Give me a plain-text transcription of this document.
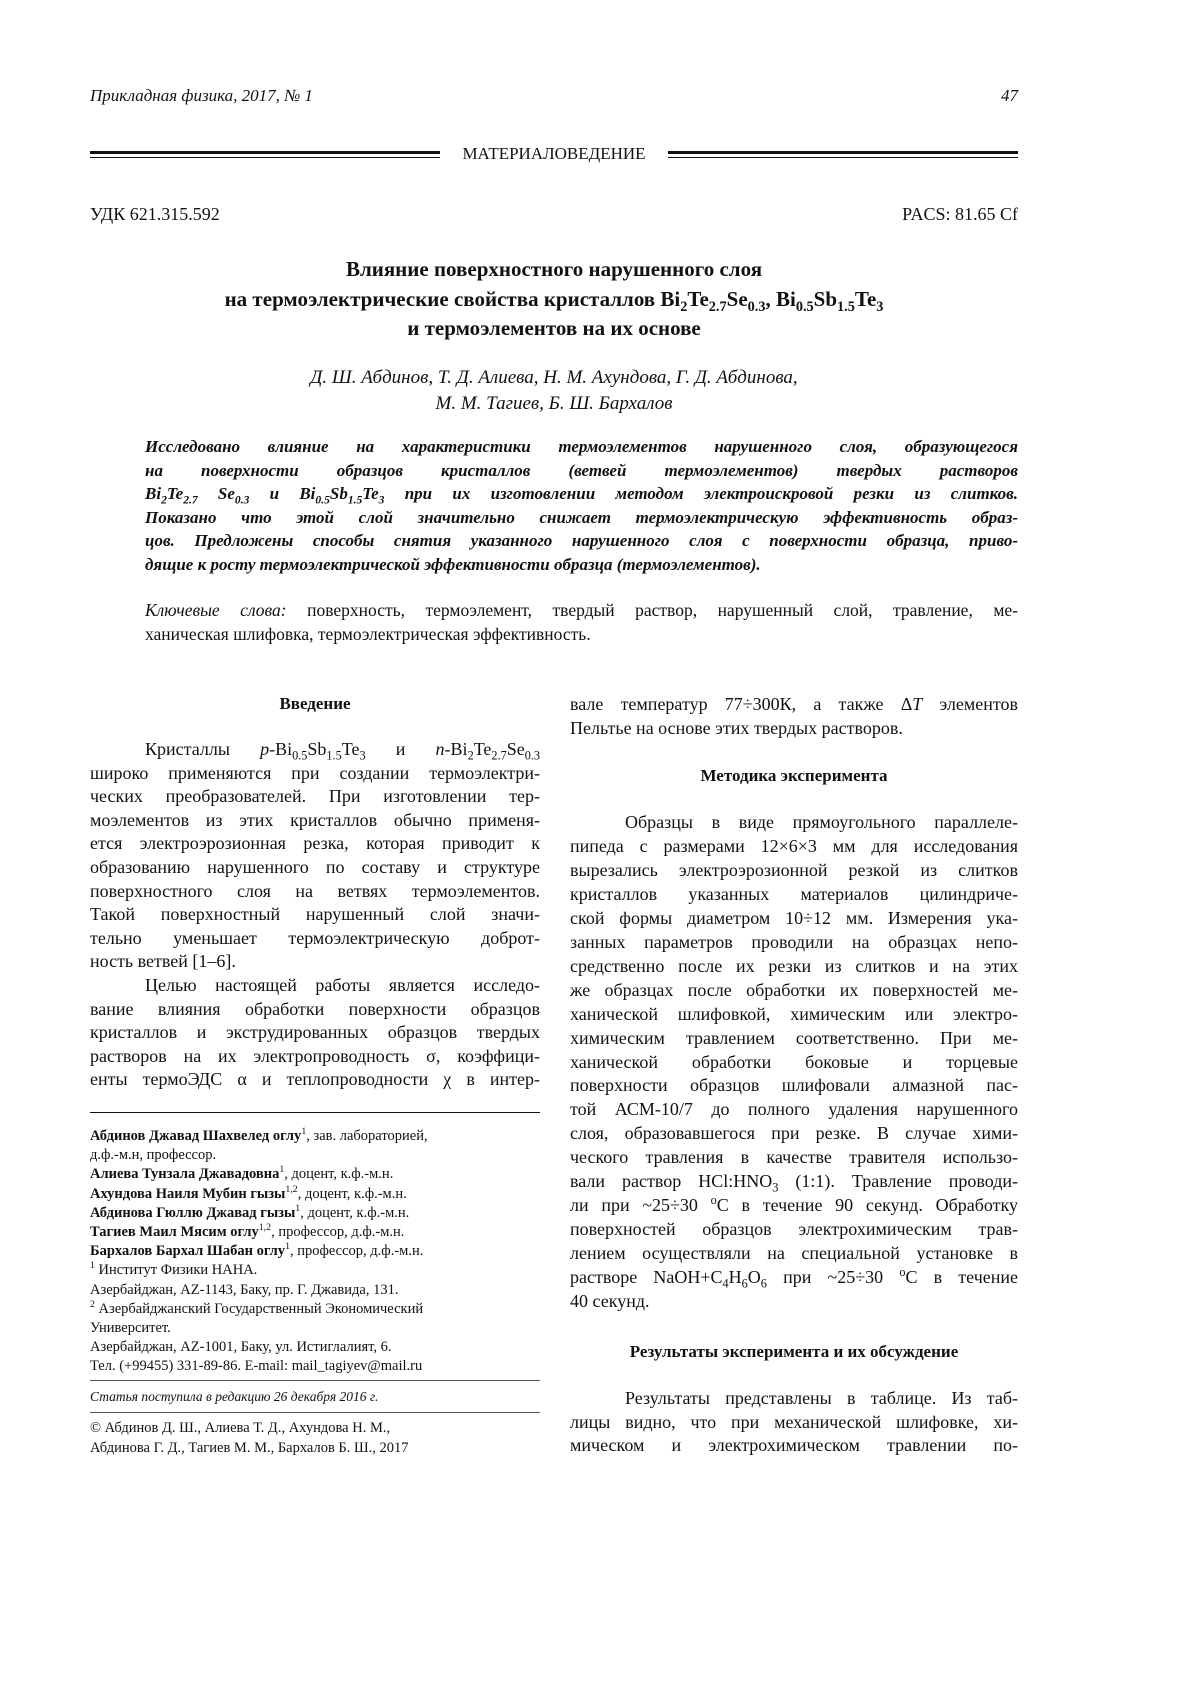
Прикладная физика, 2017, № 1	47
МАТЕРИАЛОВЕДЕНИЕ
УДК 621.315.592	PACS: 81.65 Cf
Влияние поверхностного нарушенного слоя
на термоэлектрические свойства кристаллов Bi2Te2.7Se0.3, Bi0.5Sb1.5Te3
и термоэлементов на их основе
Д. Ш. Абдинов, Т. Д. Алиева, Н. М. Ахундова, Г. Д. Абдинова,
М. М. Тагиев, Б. Ш. Бархалов
Исследовано влияние на характеристики термоэлементов нарушенного слоя, образующегося
на поверхности образцов кристаллов (ветвей термоэлементов) твердых растворов
Bi2Te2.7 Se0.3 и Bi0.5Sb1.5Te3 при их изготовлении методом электроискровой резки из слитков.
Показано что этой слой значительно снижает термоэлектрическую эффективность образ-
цов. Предложены способы снятия указанного нарушенного слоя с поверхности образца, приво-
дящие к росту термоэлектрической эффективности образца (термоэлементов).
Ключевые слова: поверхность, термоэлемент, твердый раствор, нарушенный слой, травление, ме-
ханическая шлифовка, термоэлектрическая эффективность.
Введение
Кристаллы p-Bi0.5Sb1.5Te3 и n-Bi2Te2.7Se0.3
широко применяются при создании термоэлектри-
ческих преобразователей. При изготовлении тер-
моэлементов из этих кристаллов обычно применя-
ется электроэрозионная резка, которая приводит к
образованию нарушенного по составу и структуре
поверхностного слоя на ветвях термоэлементов.
Такой поверхностный нарушенный слой значи-
тельно уменьшает термоэлектрическую доброт-
ность ветвей [1–6].
Целью настоящей работы является исследо-
вание влияния обработки поверхности образцов
кристаллов и экструдированных образцов твердых
растворов на их электропроводность σ, коэффици-
енты термоЭДС α и теплопроводности χ в интер-
Абдинов Джавад Шахвелед оглу1, зав. лабораторией,
д.ф.-м.н, профессор.
Алиева Тунзала Джавадовна1, доцент, к.ф.-м.н.
Ахундова Наиля Мубин гызы1,2, доцент, к.ф.-м.н.
Абдинова Гюллю Джавад гызы1, доцент, к.ф.-м.н.
Тагиев Маил Мясим оглу1,2, профессор, д.ф.-м.н.
Бархалов Бархал Шабан оглу1, профессор, д.ф.-м.н.
1 Институт Физики НАНА.
Азербайджан, AZ-1143, Баку, пр. Г. Джавида, 131.
2 Азербайджанский Государственный Экономический
Университет.
Азербайджан, AZ-1001, Баку, ул. Истиглалият, 6.
Тел. (+99455) 331-89-86. E-mail: mail_tagiyev@mail.ru
Статья поступила в редакцию 26 декабря 2016 г.
© Абдинов Д. Ш., Алиева Т. Д., Ахундова Н. М.,
Абдинова Г. Д., Тагиев М. М., Бархалов Б. Ш., 2017
вале температур 77÷300К, а также ΔT элементов
Пельтье на основе этих твердых растворов.
Методика эксперимента
Образцы в виде прямоугольного параллеле-
пипеда с размерами 12×6×3 мм для исследования
вырезались электроэрозионной резкой из слитков
кристаллов указанных материалов цилиндриче-
ской формы диаметром 10÷12 мм. Измерения ука-
занных параметров проводили на образцах непо-
средственно после их резки из слитков и на этих
же образцах после обработки их поверхностей ме-
ханической шлифовкой, химическим или электро-
химическим травлением соответственно. При ме-
ханической обработки боковые и торцевые
поверхности образцов шлифовали алмазной пас-
той АСМ-10/7 до полного удаления нарушенного
слоя, образовавшегося при резке. В случае хими-
ческого травления в качестве травителя использо-
вали раствор HCl:HNO3 (1:1). Травление проводи-
ли при ~25÷30 oC в течение 90 секунд. Обработку
поверхностей образцов электрохимическим трав-
лением осуществляли на специальной установке в
растворе NaOH+C4H6O6 при ~25÷30 oC в течение
40 секунд.
Результаты эксперимента и их обсуждение
Результаты представлены в таблице. Из таб-
лицы видно, что при механической шлифовке, хи-
мическом и электрохимическом травлении по-
